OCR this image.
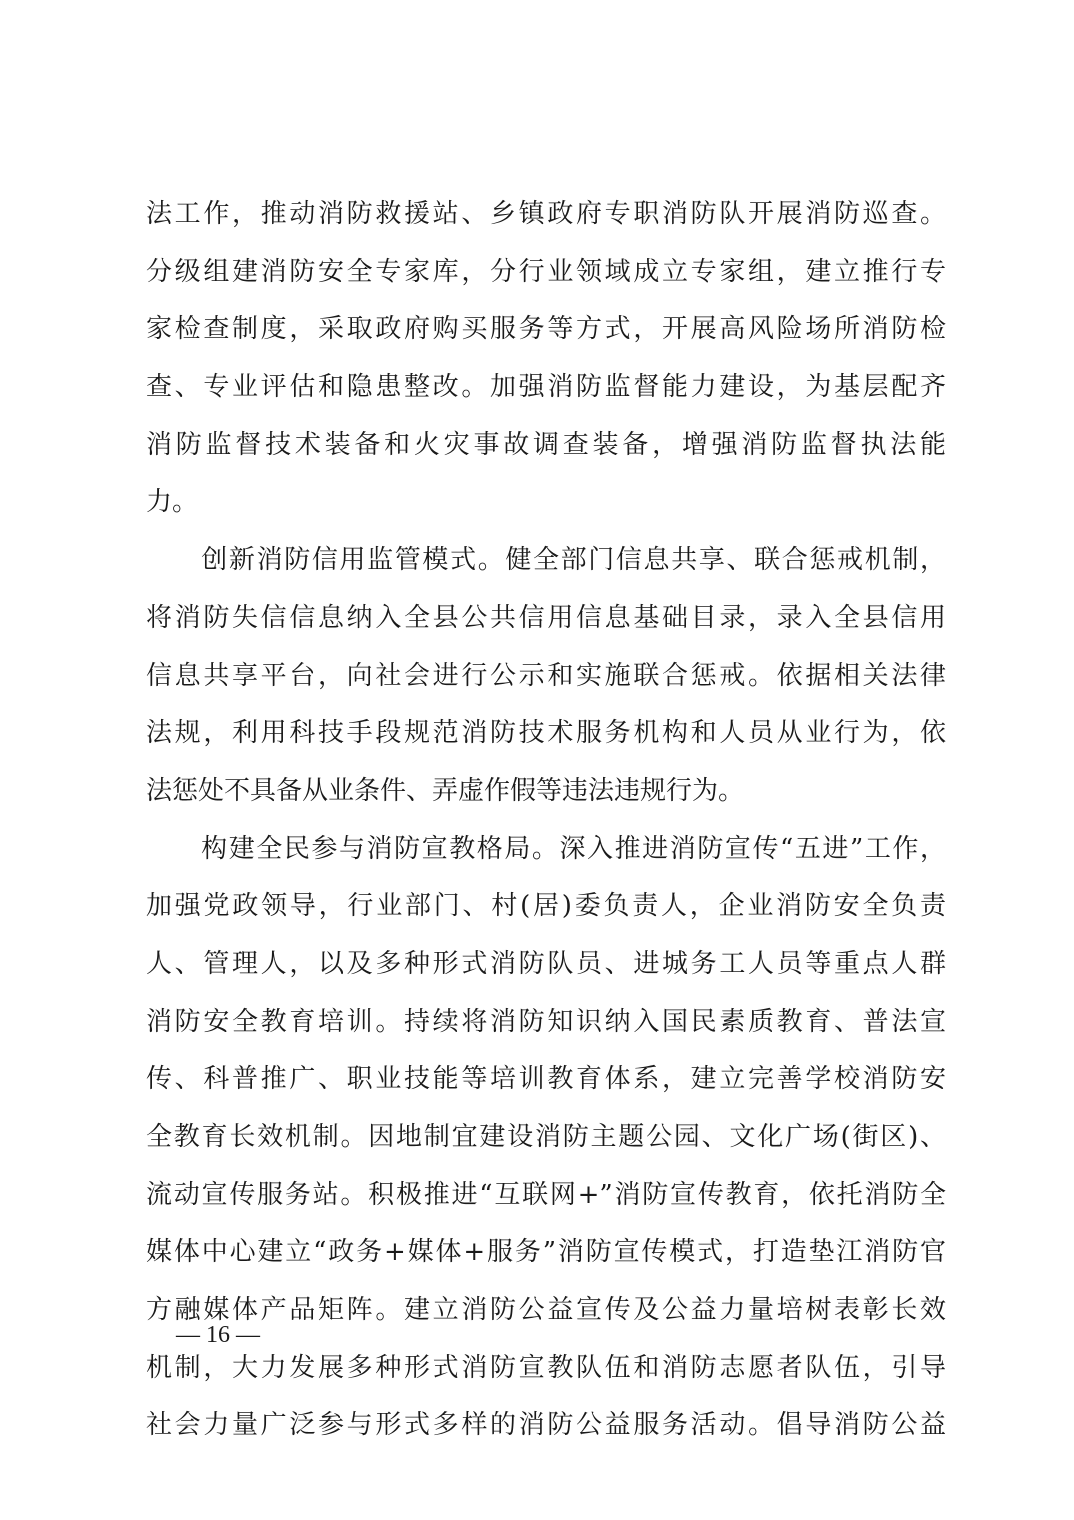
法工作，推动消防救援站、乡镇政府专职消防队开展消防巡查。
分级组建消防安全专家库，分行业领域成立专家组，建立推行专
家检查制度，采取政府购买服务等方式，开展高风险场所消防检
查、专业评估和隐患整改。加强消防监督能力建设，为基层配齐
消防监督技术装备和火灾事故调查装备，增强消防监督执法能
力。
　　创新消防信用监管模式。健全部门信息共享、联合惩戒机制，
将消防失信信息纳入全县公共信用信息基础目录，录入全县信用
信息共享平台，向社会进行公示和实施联合惩戒。依据相关法律
法规，利用科技手段规范消防技术服务机构和人员从业行为，依
法惩处不具备从业条件、弄虚作假等违法违规行为。
　　构建全民参与消防宣教格局。深入推进消防宣传“五进”工作，
加强党政领导，行业部门、村(居)委负责人，企业消防安全负责
人、管理人，以及多种形式消防队员、进城务工人员等重点人群
消防安全教育培训。持续将消防知识纳入国民素质教育、普法宣
传、科普推广、职业技能等培训教育体系，建立完善学校消防安
全教育长效机制。因地制宜建设消防主题公园、文化广场(街区)、
流动宣传服务站。积极推进“互联网+”消防宣传教育，依托消防全
媒体中心建立“政务+媒体+服务”消防宣传模式，打造垫江消防官
方融媒体产品矩阵。建立消防公益宣传及公益力量培树表彰长效
机制，大力发展多种形式消防宣教队伍和消防志愿者队伍，引导
社会力量广泛参与形式多样的消防公益服务活动。倡导消防公益
— 16 —
